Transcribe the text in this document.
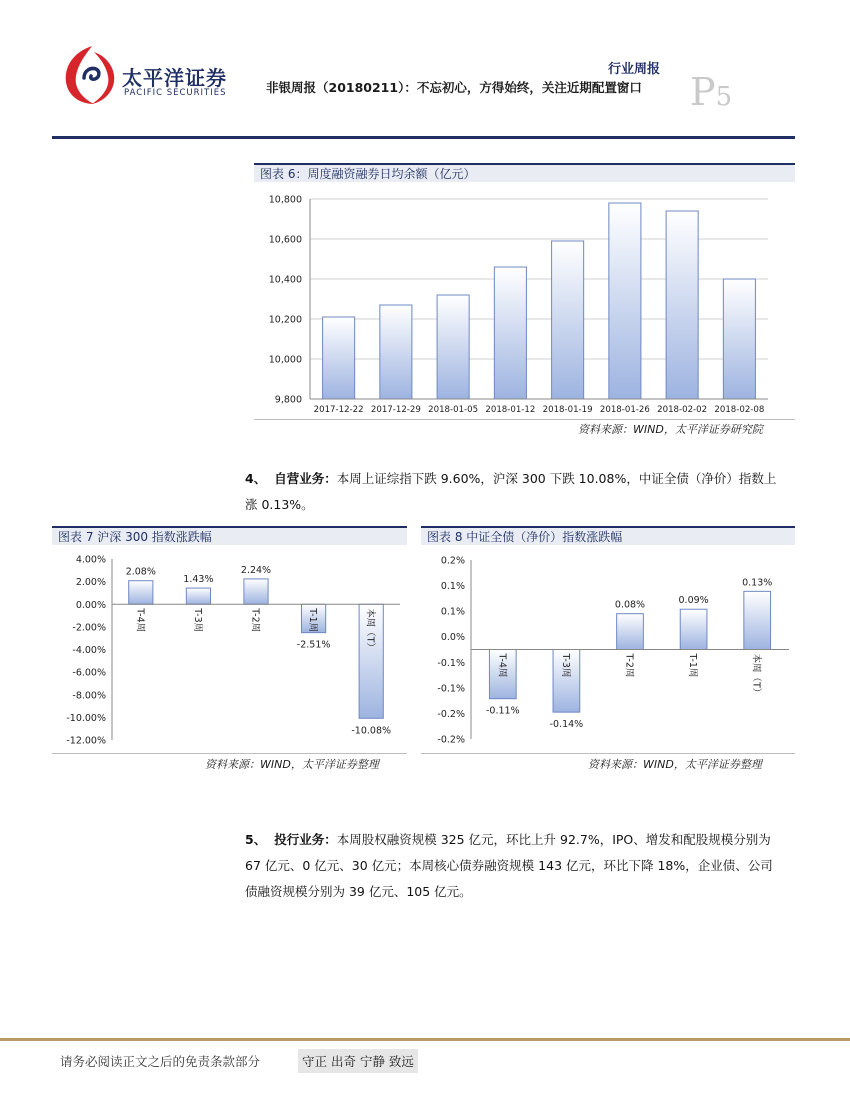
太平洋证券
PACIFIC SECURITIES
行业周报
非银周报（20180211）：不忘初心，方得始终，关注近期配置窗口 P5
图表 6：周度融资融券日均余额（亿元）
9,800
10,000
10,200
10,400
10,600
10,800
2017-12-22 2017-12-29 2018-01-05 2018-01-12 2018-01-19 2018-01-26 2018-02-02 2018-02-08
资料来源：WIND，太平洋证券研究院
4、 自营业务：本周上证综指下跌 9.60%，沪深 300 下跌 10.08%，中证全债（净价）指数上涨 0.13%。
图表 7 沪深 300 指数涨跌幅
4.00%
2.00%
0.00%
-2.00%
-4.00%
-6.00%
-8.00%
-10.00%
-12.00%
2.08%
T-4周
1.43%
T-3周
2.24%
T-2周
-2.51%
T-1周
-10.08%
本周（T）
资料来源：WIND，太平洋证券整理
图表 8 中证全债（净价）指数涨跌幅
0.2%
0.1%
0.1%
0.0%
-0.1%
-0.1%
-0.2%
-0.2%
-0.11%
T-4周
-0.14%
T-3周
0.08%
T-2周
0.09%
T-1周
0.13%
本周（T）
资料来源：WIND，太平洋证券整理
5、 投行业务：本周股权融资规模 325 亿元，环比上升 92.7%，IPO、增发和配股规模分别为 67 亿元、0 亿元、30 亿元；本周核心债券融资规模 143 亿元，环比下降 18%，企业债、公司债融资规模分别为 39 亿元、105 亿元。
请务必阅读正文之后的免责条款部分	守正 出奇 宁静 致远
